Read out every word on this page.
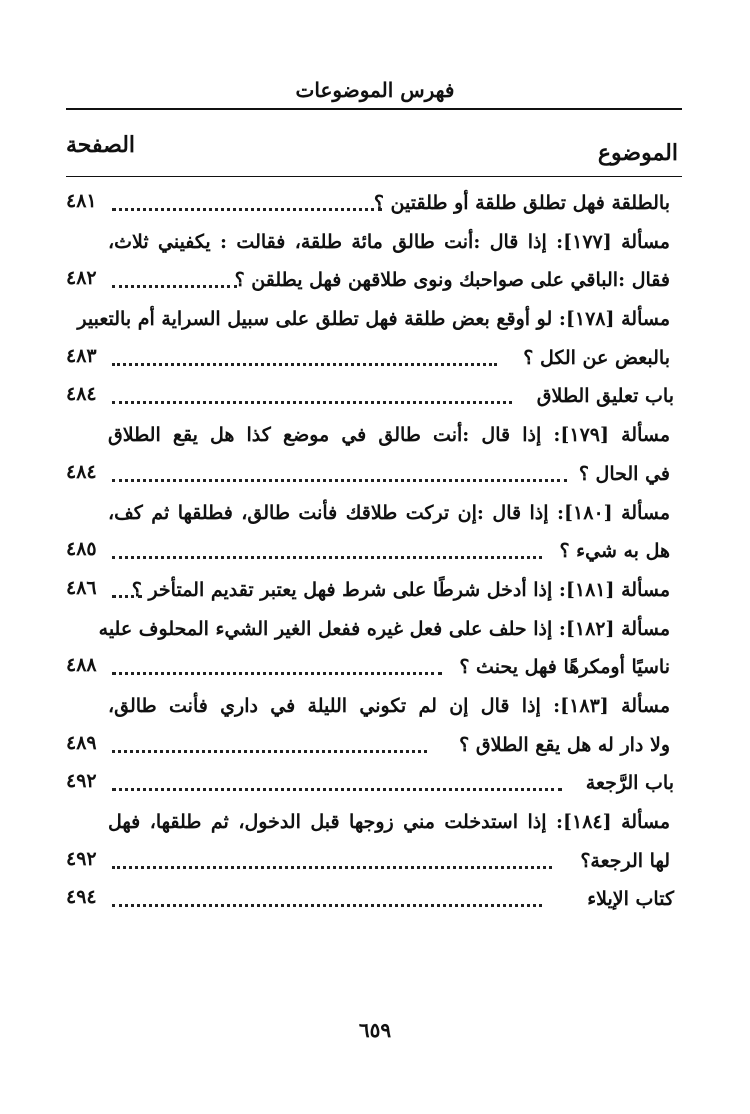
فهرس الموضوعات
الموضوع
الصفحة
بالطلقة فهل تطلق طلقة أو طلقتين ؟
٤٨١
مسألة [١٧٧]: إذا قال :أنت طالق مائة طلقة، فقالت : يكفيني ثلاث،
فقال :الباقي على صواحبك ونوى طلاقهن فهل يطلقن ؟
٤٨٢
مسألة [١٧٨]: لو أوقع بعض طلقة فهل تطلق على سبيل السراية أم بالتعبير
بالبعض عن الكل ؟
٤٨٣
باب تعليق الطلاق
٤٨٤
مسألة [١٧٩]: إذا قال :أنت طالق في موضع كذا هل يقع الطلاق
في الحال ؟
٤٨٤
مسألة [١٨٠]: إذا قال :إن تركت طلاقك فأنت طالق، فطلقها ثم كف،
هل به شيء ؟
٤٨٥
مسألة [١٨١]: إذا أدخل شرطًا على شرط فهل يعتبر تقديم المتأخر ؟
٤٨٦
مسألة [١٨٢]: إذا حلف على فعل غيره ففعل الغير الشيء المحلوف عليه
ناسيًا أومكرهًا فهل يحنث ؟
٤٨٨
مسألة [١٨٣]: إذا قال إن لم تكوني الليلة في داري فأنت طالق،
ولا دار له هل يقع الطلاق ؟
٤٨٩
باب الرَّجعة
٤٩٢
مسألة [١٨٤]: إذا استدخلت مني زوجها قبل الدخول، ثم طلقها، فهل
لها الرجعة؟
٤٩٢
كتاب الإيلاء
٤٩٤
٦٥٩
